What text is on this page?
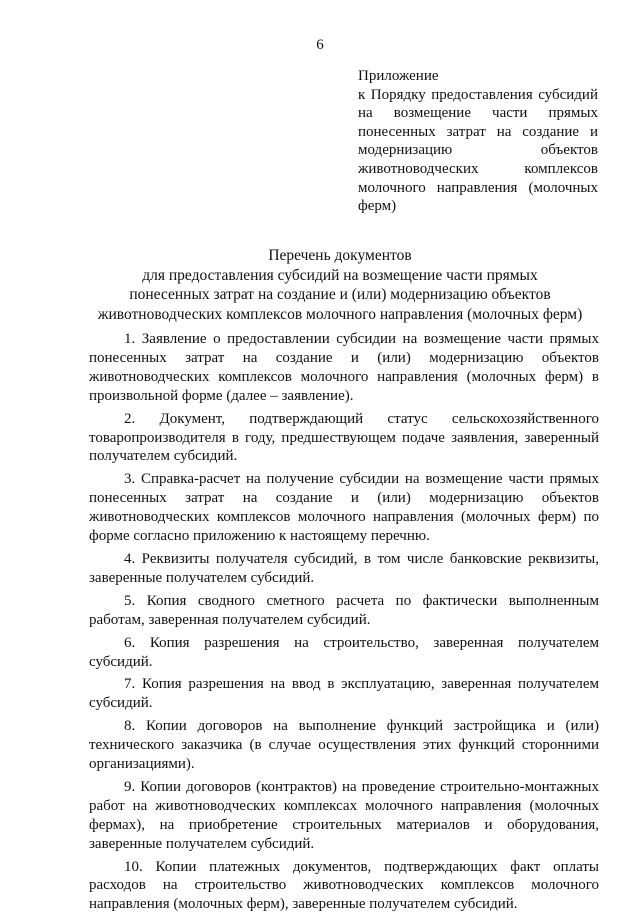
6
Приложение
к Порядку предоставления субсидий на возмещение части прямых понесенных затрат на создание и модернизацию объектов животноводческих комплексов молочного направления (молочных ферм)
Перечень документов
для предоставления субсидий на возмещение части прямых
понесенных затрат на создание и (или) модернизацию объектов
животноводческих комплексов молочного направления (молочных ферм)
1. Заявление о предоставлении субсидии на возмещение части прямых понесенных затрат на создание и (или) модернизацию объектов животноводческих комплексов молочного направления (молочных ферм) в произвольной форме (далее – заявление).
2. Документ, подтверждающий статус сельскохозяйственного товаропроизводителя в году, предшествующем подаче заявления, заверенный получателем субсидий.
3. Справка-расчет на получение субсидии на возмещение части прямых понесенных затрат на создание и (или) модернизацию объектов животноводческих комплексов молочного направления (молочных ферм) по форме согласно приложению к настоящему перечню.
4. Реквизиты получателя субсидий, в том числе банковские реквизиты, заверенные получателем субсидий.
5. Копия сводного сметного расчета по фактически выполненным работам, заверенная получателем субсидий.
6. Копия разрешения на строительство, заверенная получателем субсидий.
7. Копия разрешения на ввод в эксплуатацию, заверенная получателем субсидий.
8. Копии договоров на выполнение функций застройщика и (или) технического заказчика (в случае осуществления этих функций сторонними организациями).
9. Копии договоров (контрактов) на проведение строительно-монтажных работ на животноводческих комплексах молочного направления (молочных фермах), на приобретение строительных материалов и оборудования, заверенные получателем субсидий.
10. Копии платежных документов, подтверждающих факт оплаты расходов на строительство животноводческих комплексов молочного направления (молочных ферм), заверенные получателем субсидий.
